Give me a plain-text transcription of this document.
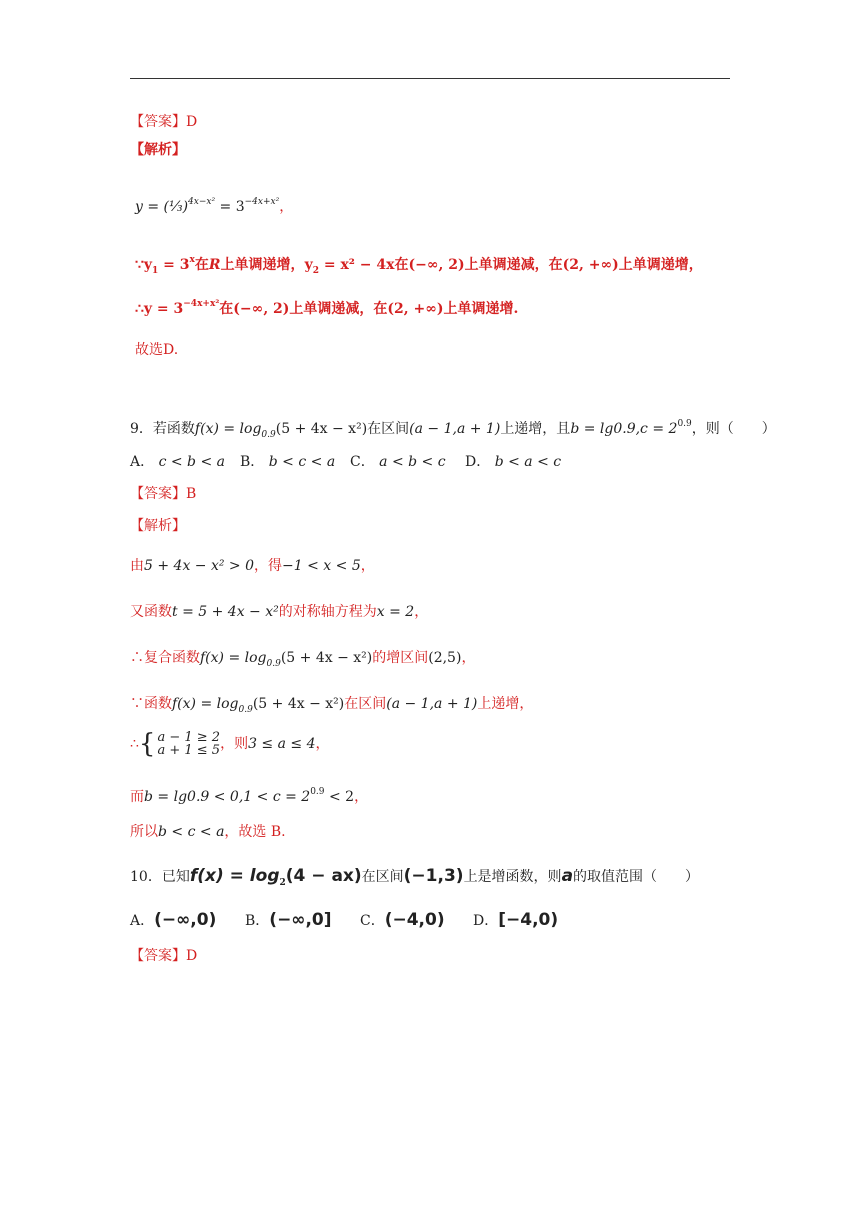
【答案】D
【解析】
y = (⅓)$^{4x-x^2}$ = $3^{-4x+x^2}$，
$\because y_1 = 3^x$在R上单调递增，$y_2 = x^2 - 4x$在(−∞, 2)上单调递减，在(2, +∞)上单调递增，
∴y = $3^{-4x+x^2}$在(−∞, 2)上单调递减，在(2, +∞)上单调递增.
故选D.
9．若函数$f(x) = \log_{0.9}(5 + 4x - x^2)$在区间(a − 1,a + 1)上递增，且$b = \lg 0.9,c = 2^{0.9}$，则（　　）
A． c < b < a B． b < c < a C． a < b < c D． b < a < c
【答案】B
【解析】
由5 + 4x − x² > 0，得−1 < x < 5，
又函数t = 5 + 4x − x²的对称轴方程为x = 2，
∴复合函数$f(x) = \log_{0.9}(5 + 4x - x^2)$的增区间(2,5)，
∵函数$f(x) = \log_{0.9}(5 + 4x - x^2)$在区间(a − 1,a + 1)上递增，
∴{ a − 1 ≥ 2
a + 1 ≤ 5，则3 ≤ a ≤ 4，
而$b = \lg 0.9 < 0,1 < c = 2^{0.9} < 2$，
所以b < c < a，故选 B.
10．已知$f(x) = \log_2(4 - ax)$在区间(−1,3)上是增函数，则a的取值范围（　　）
A．(−∞,0) B．(−∞,0] C．(−4,0) D．[−4,0)
【答案】D
